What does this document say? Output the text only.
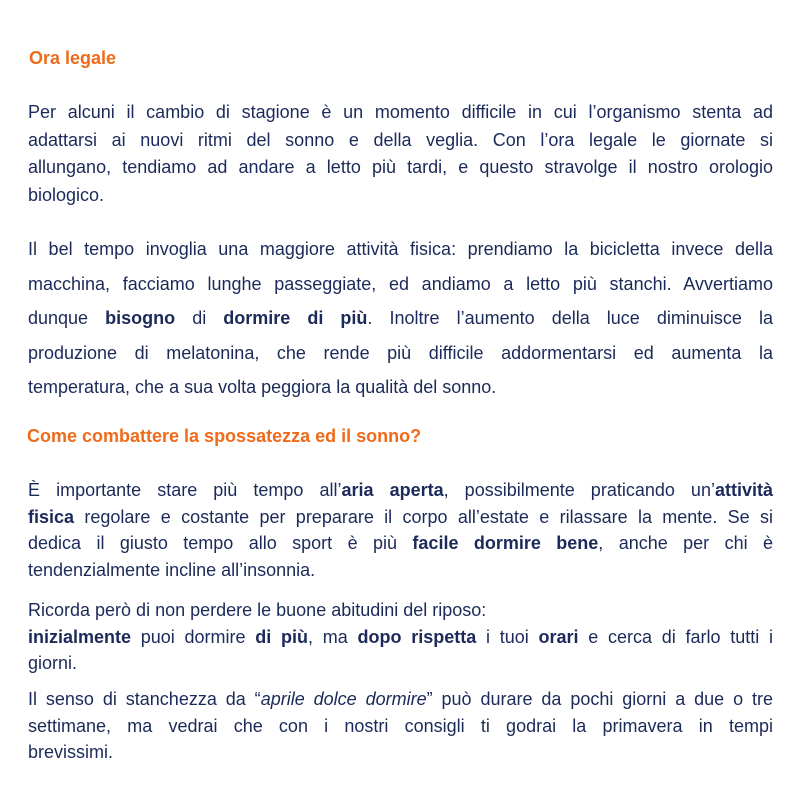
Ora legale

Per alcuni il cambio di stagione è un momento difficile in cui l’organismo stenta ad
adattarsi ai nuovi ritmi del sonno e della veglia. Con l’ora legale le giornate si
allungano, tendiamo ad andare a letto più tardi, e questo stravolge il nostro orologio
biologico.

Il bel tempo invoglia una maggiore attività fisica: prendiamo la bicicletta invece della
macchina, facciamo lunghe passeggiate, ed andiamo a letto più stanchi. Avvertiamo
dunque bisogno di dormire di più. Inoltre l’aumento della luce diminuisce la
produzione di melatonina, che rende più difficile addormentarsi ed aumenta la
temperatura, che a sua volta peggiora la qualità del sonno.

Come combattere la spossatezza ed il sonno?

È importante stare più tempo all’aria aperta, possibilmente praticando un’attività
fisica regolare e costante per preparare il corpo all’estate e rilassare la mente. Se si
dedica il giusto tempo allo sport è più facile dormire bene, anche per chi è
tendenzialmente incline all’insonnia.

Ricorda però di non perdere le buone abitudini del riposo:
inizialmente puoi dormire di più, ma dopo rispetta i tuoi orari e cerca di farlo tutti i
giorni.

Il senso di stanchezza da “aprile dolce dormire” può durare da pochi giorni a due o tre
settimane, ma vedrai che con i nostri consigli ti godrai la primavera in tempi
brevissimi.
